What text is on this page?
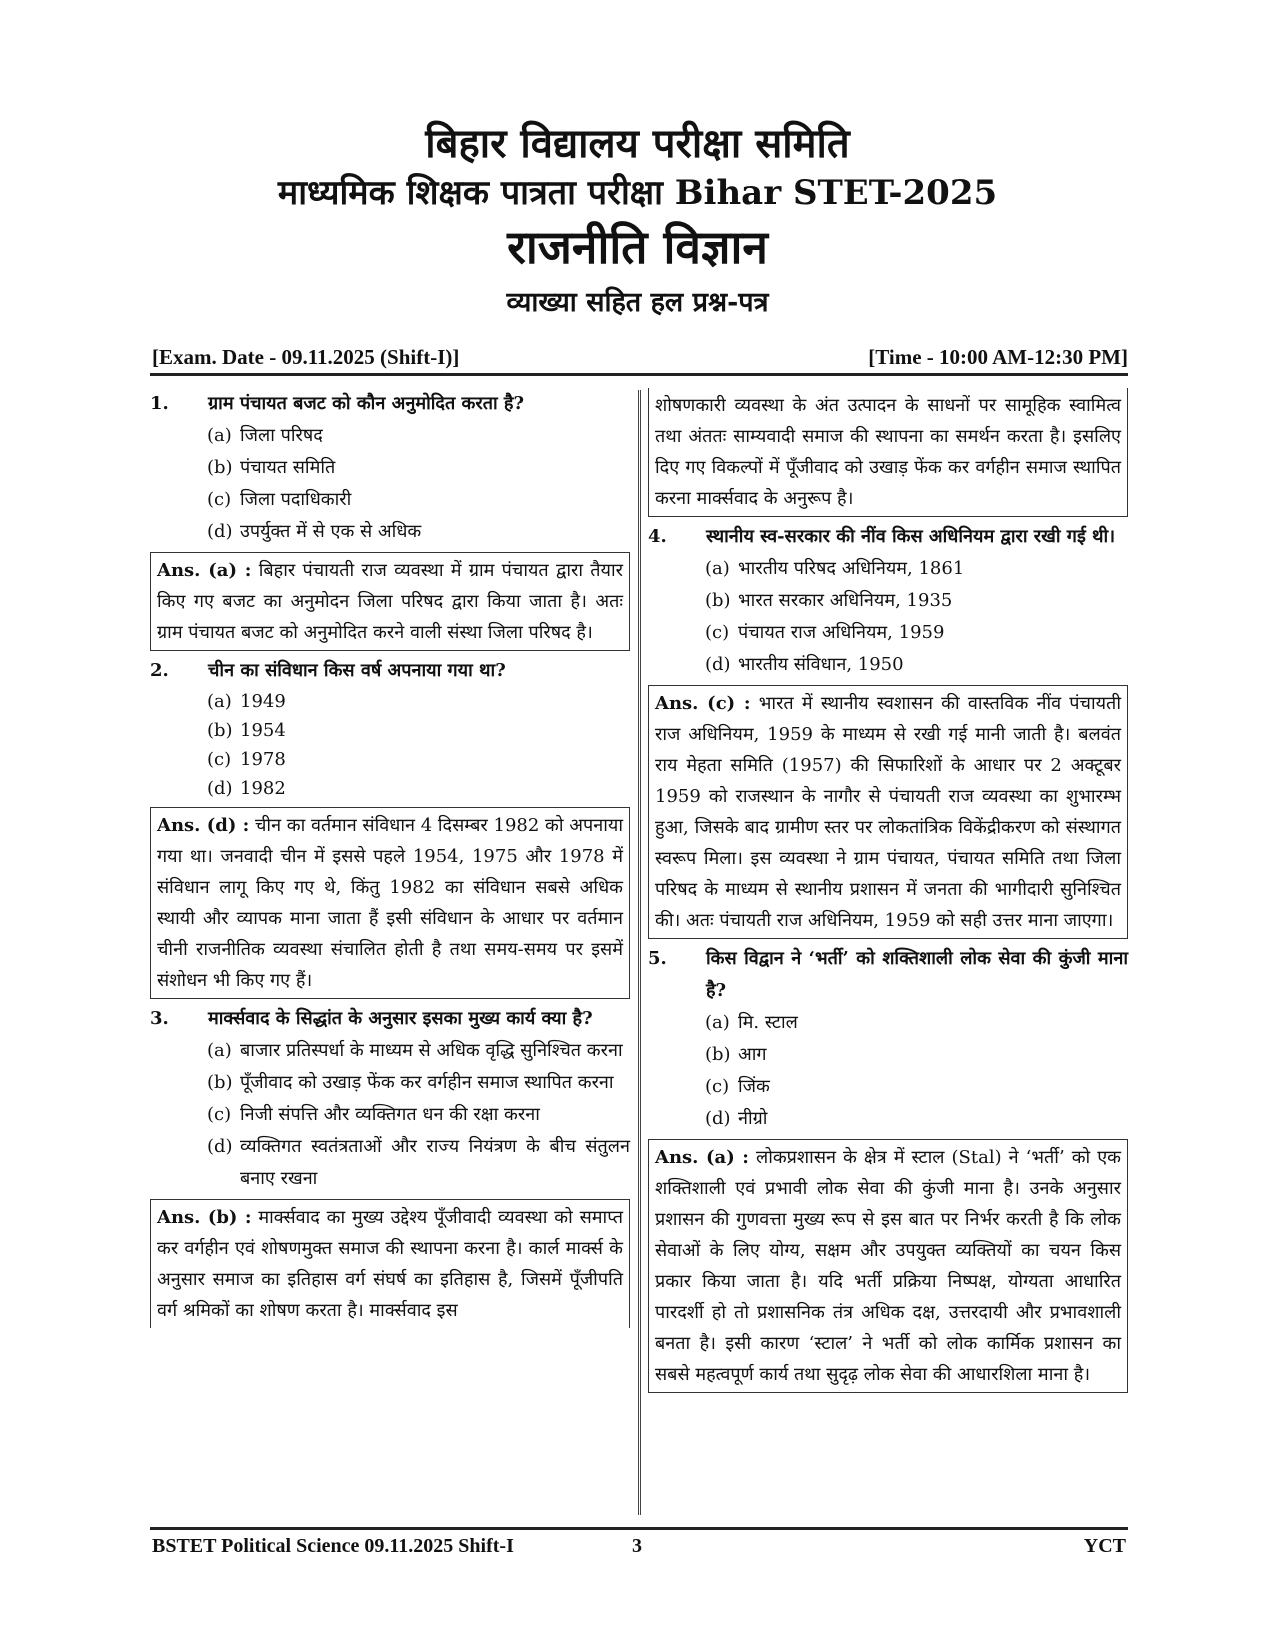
बिहार विद्यालय परीक्षा समिति

माध्यमिक शिक्षक पात्रता परीक्षा Bihar STET-2025

राजनीति विज्ञान

व्याख्या सहित हल प्रश्न-पत्र

[Exam. Date - 09.11.2025 (Shift-I)]	[Time - 10:00 AM-12:30 PM]
1. ग्राम पंचायत बजट को कौन अनुमोदित करता है?
(a) जिला परिषद
(b) पंचायत समिति
(c) जिला पदाधिकारी
(d) उपर्युक्त में से एक से अधिक
Ans. (a) : बिहार पंचायती राज व्यवस्था में ग्राम पंचायत द्वारा तैयार किए गए बजट का अनुमोदन जिला परिषद द्वारा किया जाता है। अतः ग्राम पंचायत बजट को अनुमोदित करने वाली संस्था जिला परिषद है।
2. चीन का संविधान किस वर्ष अपनाया गया था?
(a) 1949
(b) 1954
(c) 1978
(d) 1982
Ans. (d) : चीन का वर्तमान संविधान 4 दिसम्बर 1982 को अपनाया गया था। जनवादी चीन में इससे पहले 1954, 1975 और 1978 में संविधान लागू किए गए थे, किंतु 1982 का संविधान सबसे अधिक स्थायी और व्यापक माना जाता हैं इसी संविधान के आधार पर वर्तमान चीनी राजनीतिक व्यवस्था संचालित होती है तथा समय-समय पर इसमें संशोधन भी किए गए हैं।
3. मार्क्सवाद के सिद्धांत के अनुसार इसका मुख्य कार्य क्या है?
(a) बाजार प्रतिस्पर्धा के माध्यम से अधिक वृद्धि सुनिश्चित करना
(b) पूँजीवाद को उखाड़ फेंक कर वर्गहीन समाज स्थापित करना
(c) निजी संपत्ति और व्यक्तिगत धन की रक्षा करना
(d) व्यक्तिगत स्वतंत्रताओं और राज्य नियंत्रण के बीच संतुलन बनाए रखना
Ans. (b) : मार्क्सवाद का मुख्य उद्देश्य पूँजीवादी व्यवस्था को समाप्त कर वर्गहीन एवं शोषणमुक्त समाज की स्थापना करना है। कार्ल मार्क्स के अनुसार समाज का इतिहास वर्ग संघर्ष का इतिहास है, जिसमें पूँजीपति वर्ग श्रमिकों का शोषण करता है। मार्क्सवाद इस
शोषणकारी व्यवस्था के अंत उत्पादन के साधनों पर सामूहिक स्वामित्व तथा अंततः साम्यवादी समाज की स्थापना का समर्थन करता है। इसलिए दिए गए विकल्पों में पूँजीवाद को उखाड़ फेंक कर वर्गहीन समाज स्थापित करना मार्क्सवाद के अनुरूप है।
4. स्थानीय स्व-सरकार की नींव किस अधिनियम द्वारा रखी गई थी।
(a) भारतीय परिषद अधिनियम, 1861
(b) भारत सरकार अधिनियम, 1935
(c) पंचायत राज अधिनियम, 1959
(d) भारतीय संविधान, 1950
Ans. (c) : भारत में स्थानीय स्वशासन की वास्तविक नींव पंचायती राज अधिनियम, 1959 के माध्यम से रखी गई मानी जाती है। बलवंत राय मेहता समिति (1957) की सिफारिशों के आधार पर 2 अक्टूबर 1959 को राजस्थान के नागौर से पंचायती राज व्यवस्था का शुभारम्भ हुआ, जिसके बाद ग्रामीण स्तर पर लोकतांत्रिक विकेंद्रीकरण को संस्थागत स्वरूप मिला। इस व्यवस्था ने ग्राम पंचायत, पंचायत समिति तथा जिला परिषद के माध्यम से स्थानीय प्रशासन में जनता की भागीदारी सुनिश्चित की। अतः पंचायती राज अधिनियम, 1959 को सही उत्तर माना जाएगा।
5. किस विद्वान ने ‘भर्ती’ को शक्तिशाली लोक सेवा की कुंजी माना है?
(a) मि. स्टाल
(b) आग
(c) जिंक
(d) नीग्रो
Ans. (a) : लोकप्रशासन के क्षेत्र में स्टाल (Stal) ने ‘भर्ती’ को एक शक्तिशाली एवं प्रभावी लोक सेवा की कुंजी माना है। उनके अनुसार प्रशासन की गुणवत्ता मुख्य रूप से इस बात पर निर्भर करती है कि लोक सेवाओं के लिए योग्य, सक्षम और उपयुक्त व्यक्तियों का चयन किस प्रकार किया जाता है। यदि भर्ती प्रक्रिया निष्पक्ष, योग्यता आधारित पारदर्शी हो तो प्रशासनिक तंत्र अधिक दक्ष, उत्तरदायी और प्रभावशाली बनता है। इसी कारण ‘स्टाल’ ने भर्ती को लोक कार्मिक प्रशासन का सबसे महत्वपूर्ण कार्य तथा सुदृढ़ लोक सेवा की आधारशिला माना है।
BSTET Political Science 09.11.2025 Shift-I	3	YCT
